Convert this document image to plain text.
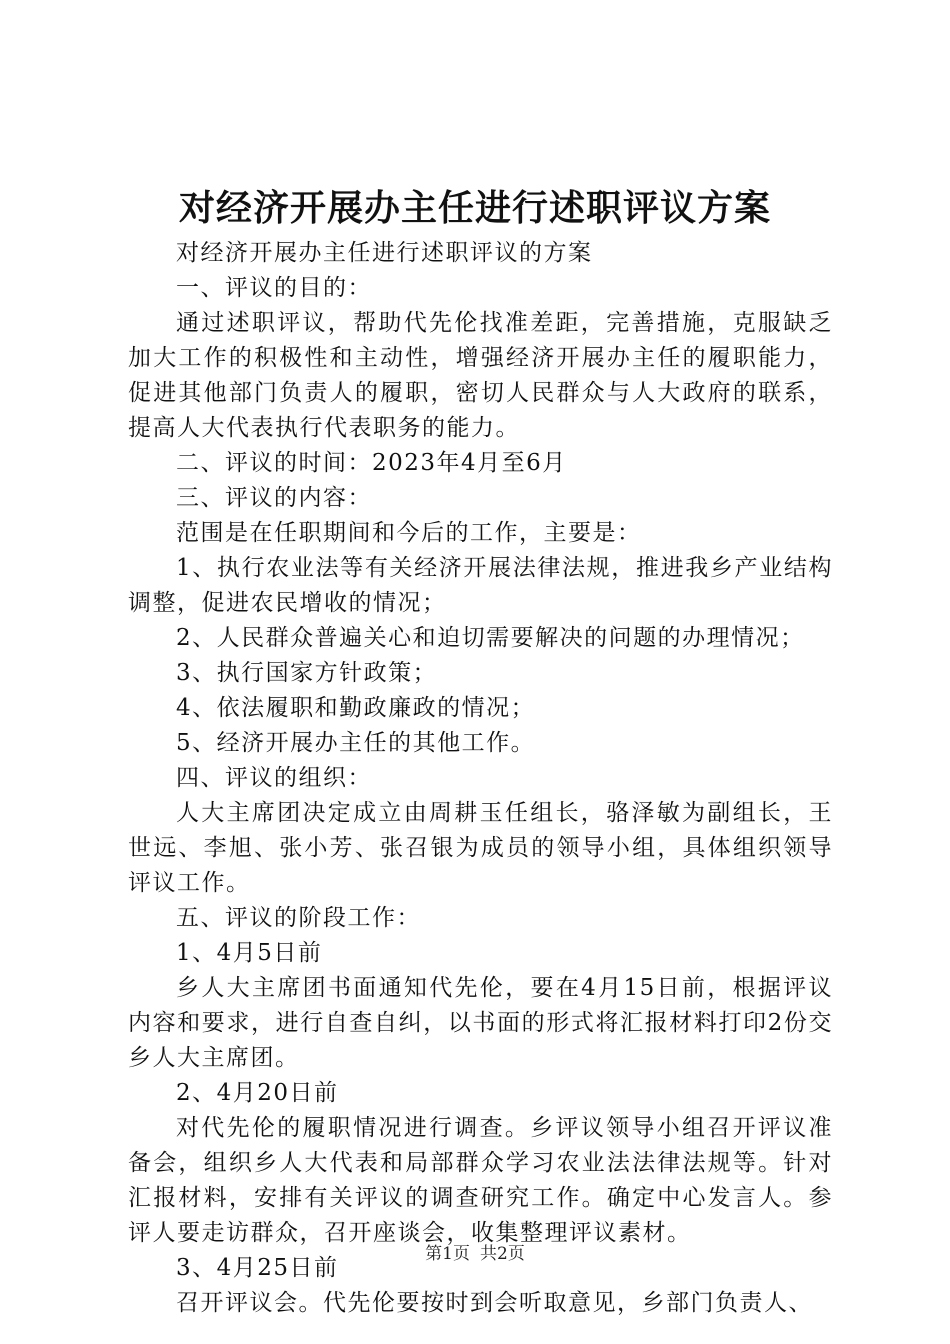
对经济开展办主任进行述职评议方案

对经济开展办主任进行述职评议的方案

一、评议的目的：

通过述职评议，帮助代先伦找准差距，完善措施，克服缺乏加大工作的积极性和主动性，增强经济开展办主任的履职能力，促进其他部门负责人的履职，密切人民群众与人大政府的联系，提高人大代表执行代表职务的能力。

二、评议的时间：2023年4月至6月

三、评议的内容：

范围是在任职期间和今后的工作，主要是：

1、执行农业法等有关经济开展法律法规，推进我乡产业结构调整，促进农民增收的情况；

2、人民群众普遍关心和迫切需要解决的问题的办理情况；

3、执行国家方针政策；

4、依法履职和勤政廉政的情况；

5、经济开展办主任的其他工作。

四、评议的组织：

人大主席团决定成立由周耕玉任组长，骆泽敏为副组长，王世远、李旭、张小芳、张召银为成员的领导小组，具体组织领导评议工作。

五、评议的阶段工作：

1、4月5日前

乡人大主席团书面通知代先伦，要在4月15日前，根据评议内容和要求，进行自查自纠，以书面的形式将汇报材料打印2份交乡人大主席团。

2、4月20日前

对代先伦的履职情况进行调查。乡评议领导小组召开评议准备会，组织乡人大代表和局部群众学习农业法法律法规等。针对汇报材料，安排有关评议的调查研究工作。确定中心发言人。参评人要走访群众，召开座谈会，收集整理评议素材。

3、4月25日前

召开评议会。代先伦要按时到会听取意见，乡部门负责人、

第1页 共2页
